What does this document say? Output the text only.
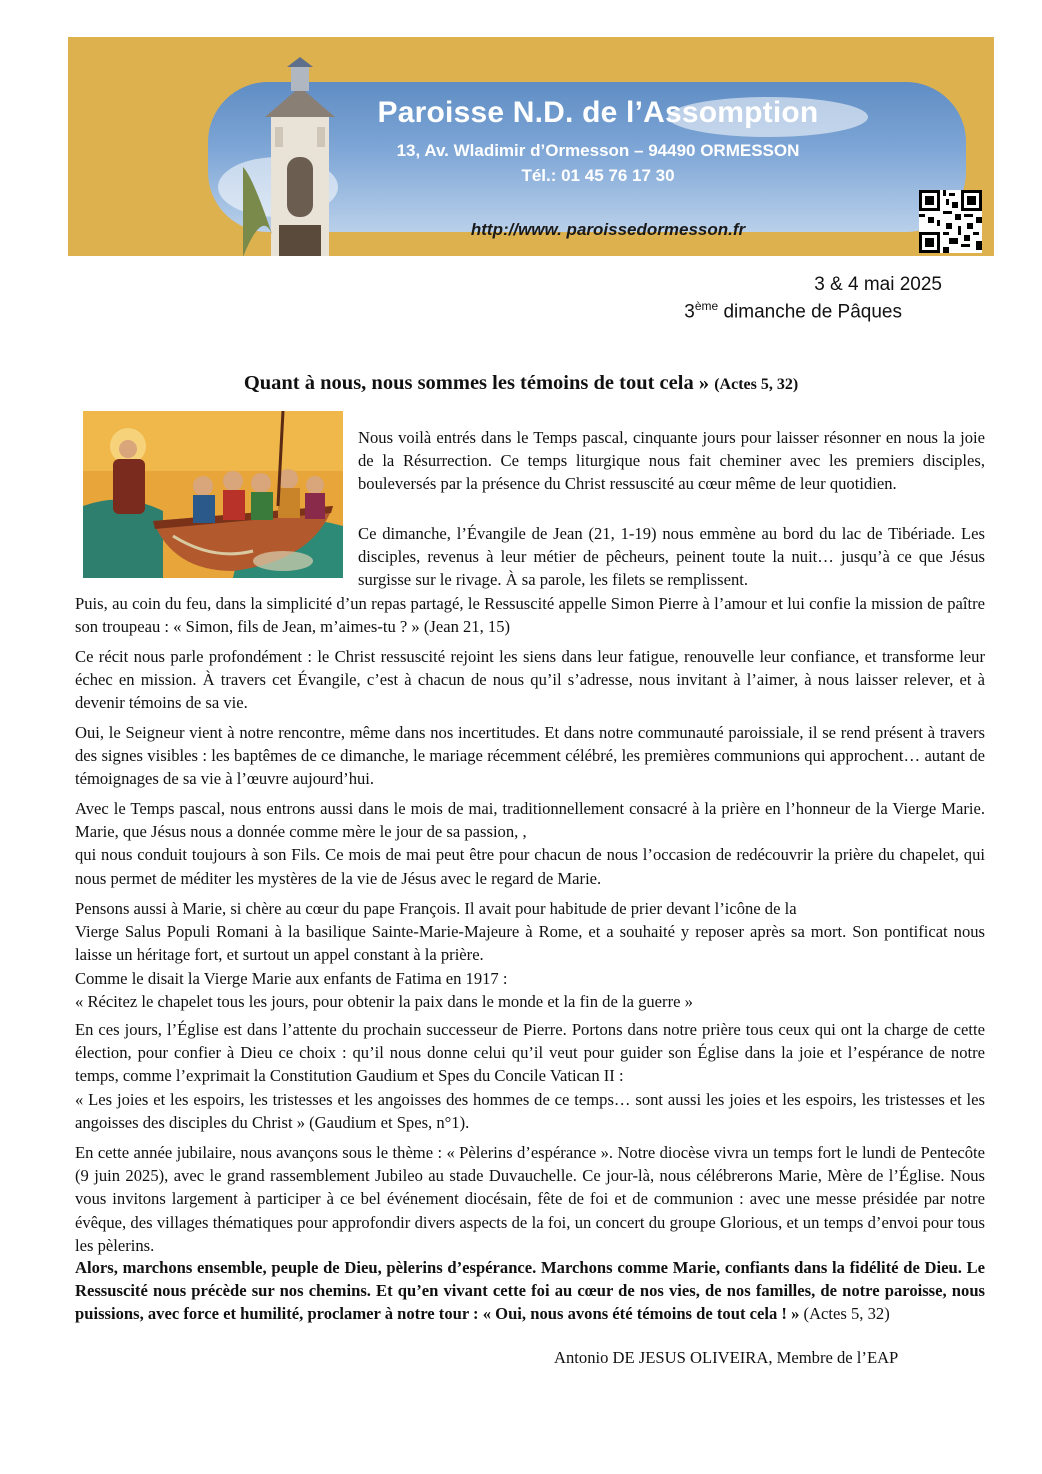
Paroisse N.D. de l’Assomption
13, Av. Wladimir d’Ormesson – 94490 ORMESSON
Tél.: 01 45 76 17 30
http://www. paroissedormesson.fr
3 & 4 mai 2025
3ème dimanche de Pâques
Quant à nous, nous sommes les témoins de tout cela » (Actes 5, 32)

Nous voilà entrés dans le Temps pascal, cinquante jours pour laisser résonner en nous la joie de la Résurrection. Ce temps liturgique nous fait cheminer avec les premiers disciples, bouleversés par la présence du Christ ressuscité au cœur même de leur quotidien.

Ce dimanche, l’Évangile de Jean (21, 1-19) nous emmène au bord du lac de Tibériade. Les disciples, revenus à leur métier de pêcheurs, peinent toute la nuit… jusqu’à ce que Jésus surgisse sur le rivage. À sa parole, les filets se remplissent.
Puis, au coin du feu, dans la simplicité d’un repas partagé, le Ressuscité appelle Simon Pierre à l’amour et lui confie la mission de paître son troupeau : « Simon, fils de Jean, m’aimes-tu ? » (Jean 21, 15)

Ce récit nous parle profondément : le Christ ressuscité rejoint les siens dans leur fatigue, renouvelle leur confiance, et transforme leur échec en mission. À travers cet Évangile, c’est à chacun de nous qu’il s’adresse, nous invitant à l’aimer, à nous laisser relever, et à devenir témoins de sa vie.

Oui, le Seigneur vient à notre rencontre, même dans nos incertitudes. Et dans notre communauté paroissiale, il se rend présent à travers des signes visibles : les baptêmes de ce dimanche, le mariage récemment célébré, les premières communions qui approchent… autant de témoignages de sa vie à l’œuvre aujourd’hui.

Avec le Temps pascal, nous entrons aussi dans le mois de mai, traditionnellement consacré à la prière en l’honneur de la Vierge Marie. Marie, que Jésus nous a donnée comme mère le jour de sa passion, ,
qui nous conduit toujours à son Fils. Ce mois de mai peut être pour chacun de nous l’occasion de redécouvrir la prière du chapelet, qui nous permet de méditer les mystères de la vie de Jésus avec le regard de Marie.

Pensons aussi à Marie, si chère au cœur du pape François. Il avait pour habitude de prier devant l’icône de la
Vierge Salus Populi Romani à la basilique Sainte-Marie-Majeure à Rome, et a souhaité y reposer après sa mort. Son pontificat nous laisse un héritage fort, et surtout un appel constant à la prière.
Comme le disait la Vierge Marie aux enfants de Fatima en 1917 :
« Récitez le chapelet tous les jours, pour obtenir la paix dans le monde et la fin de la guerre »

En ces jours, l’Église est dans l’attente du prochain successeur de Pierre. Portons dans notre prière tous ceux qui ont la charge de cette élection, pour confier à Dieu ce choix : qu’il nous donne celui qu’il veut pour guider son Église dans la joie et l’espérance de notre temps, comme l’exprimait la Constitution Gaudium et Spes du Concile Vatican II :
« Les joies et les espoirs, les tristesses et les angoisses des hommes de ce temps… sont aussi les joies et les espoirs, les tristesses et les angoisses des disciples du Christ » (Gaudium et Spes, n°1).

En cette année jubilaire, nous avançons sous le thème : « Pèlerins d’espérance ». Notre diocèse vivra un temps fort le lundi de Pentecôte (9 juin 2025), avec le grand rassemblement Jubileo au stade Duvauchelle. Ce jour-là, nous célébrerons Marie, Mère de l’Église. Nous vous invitons largement à participer à ce bel événement diocésain, fête de foi et de communion : avec une messe présidée par notre évêque, des villages thématiques pour approfondir divers aspects de la foi, un concert du groupe Glorious, et un temps d’envoi pour tous les pèlerins.

Alors, marchons ensemble, peuple de Dieu, pèlerins d’espérance. Marchons comme Marie, confiants dans la fidélité de Dieu. Le Ressuscité nous précède sur nos chemins. Et qu’en vivant cette foi au cœur de nos vies, de nos familles, de notre paroisse, nous puissions, avec force et humilité, proclamer à notre tour : « Oui, nous avons été témoins de tout cela ! » (Actes 5, 32)

Antonio DE JESUS OLIVEIRA, Membre de l’EAP
